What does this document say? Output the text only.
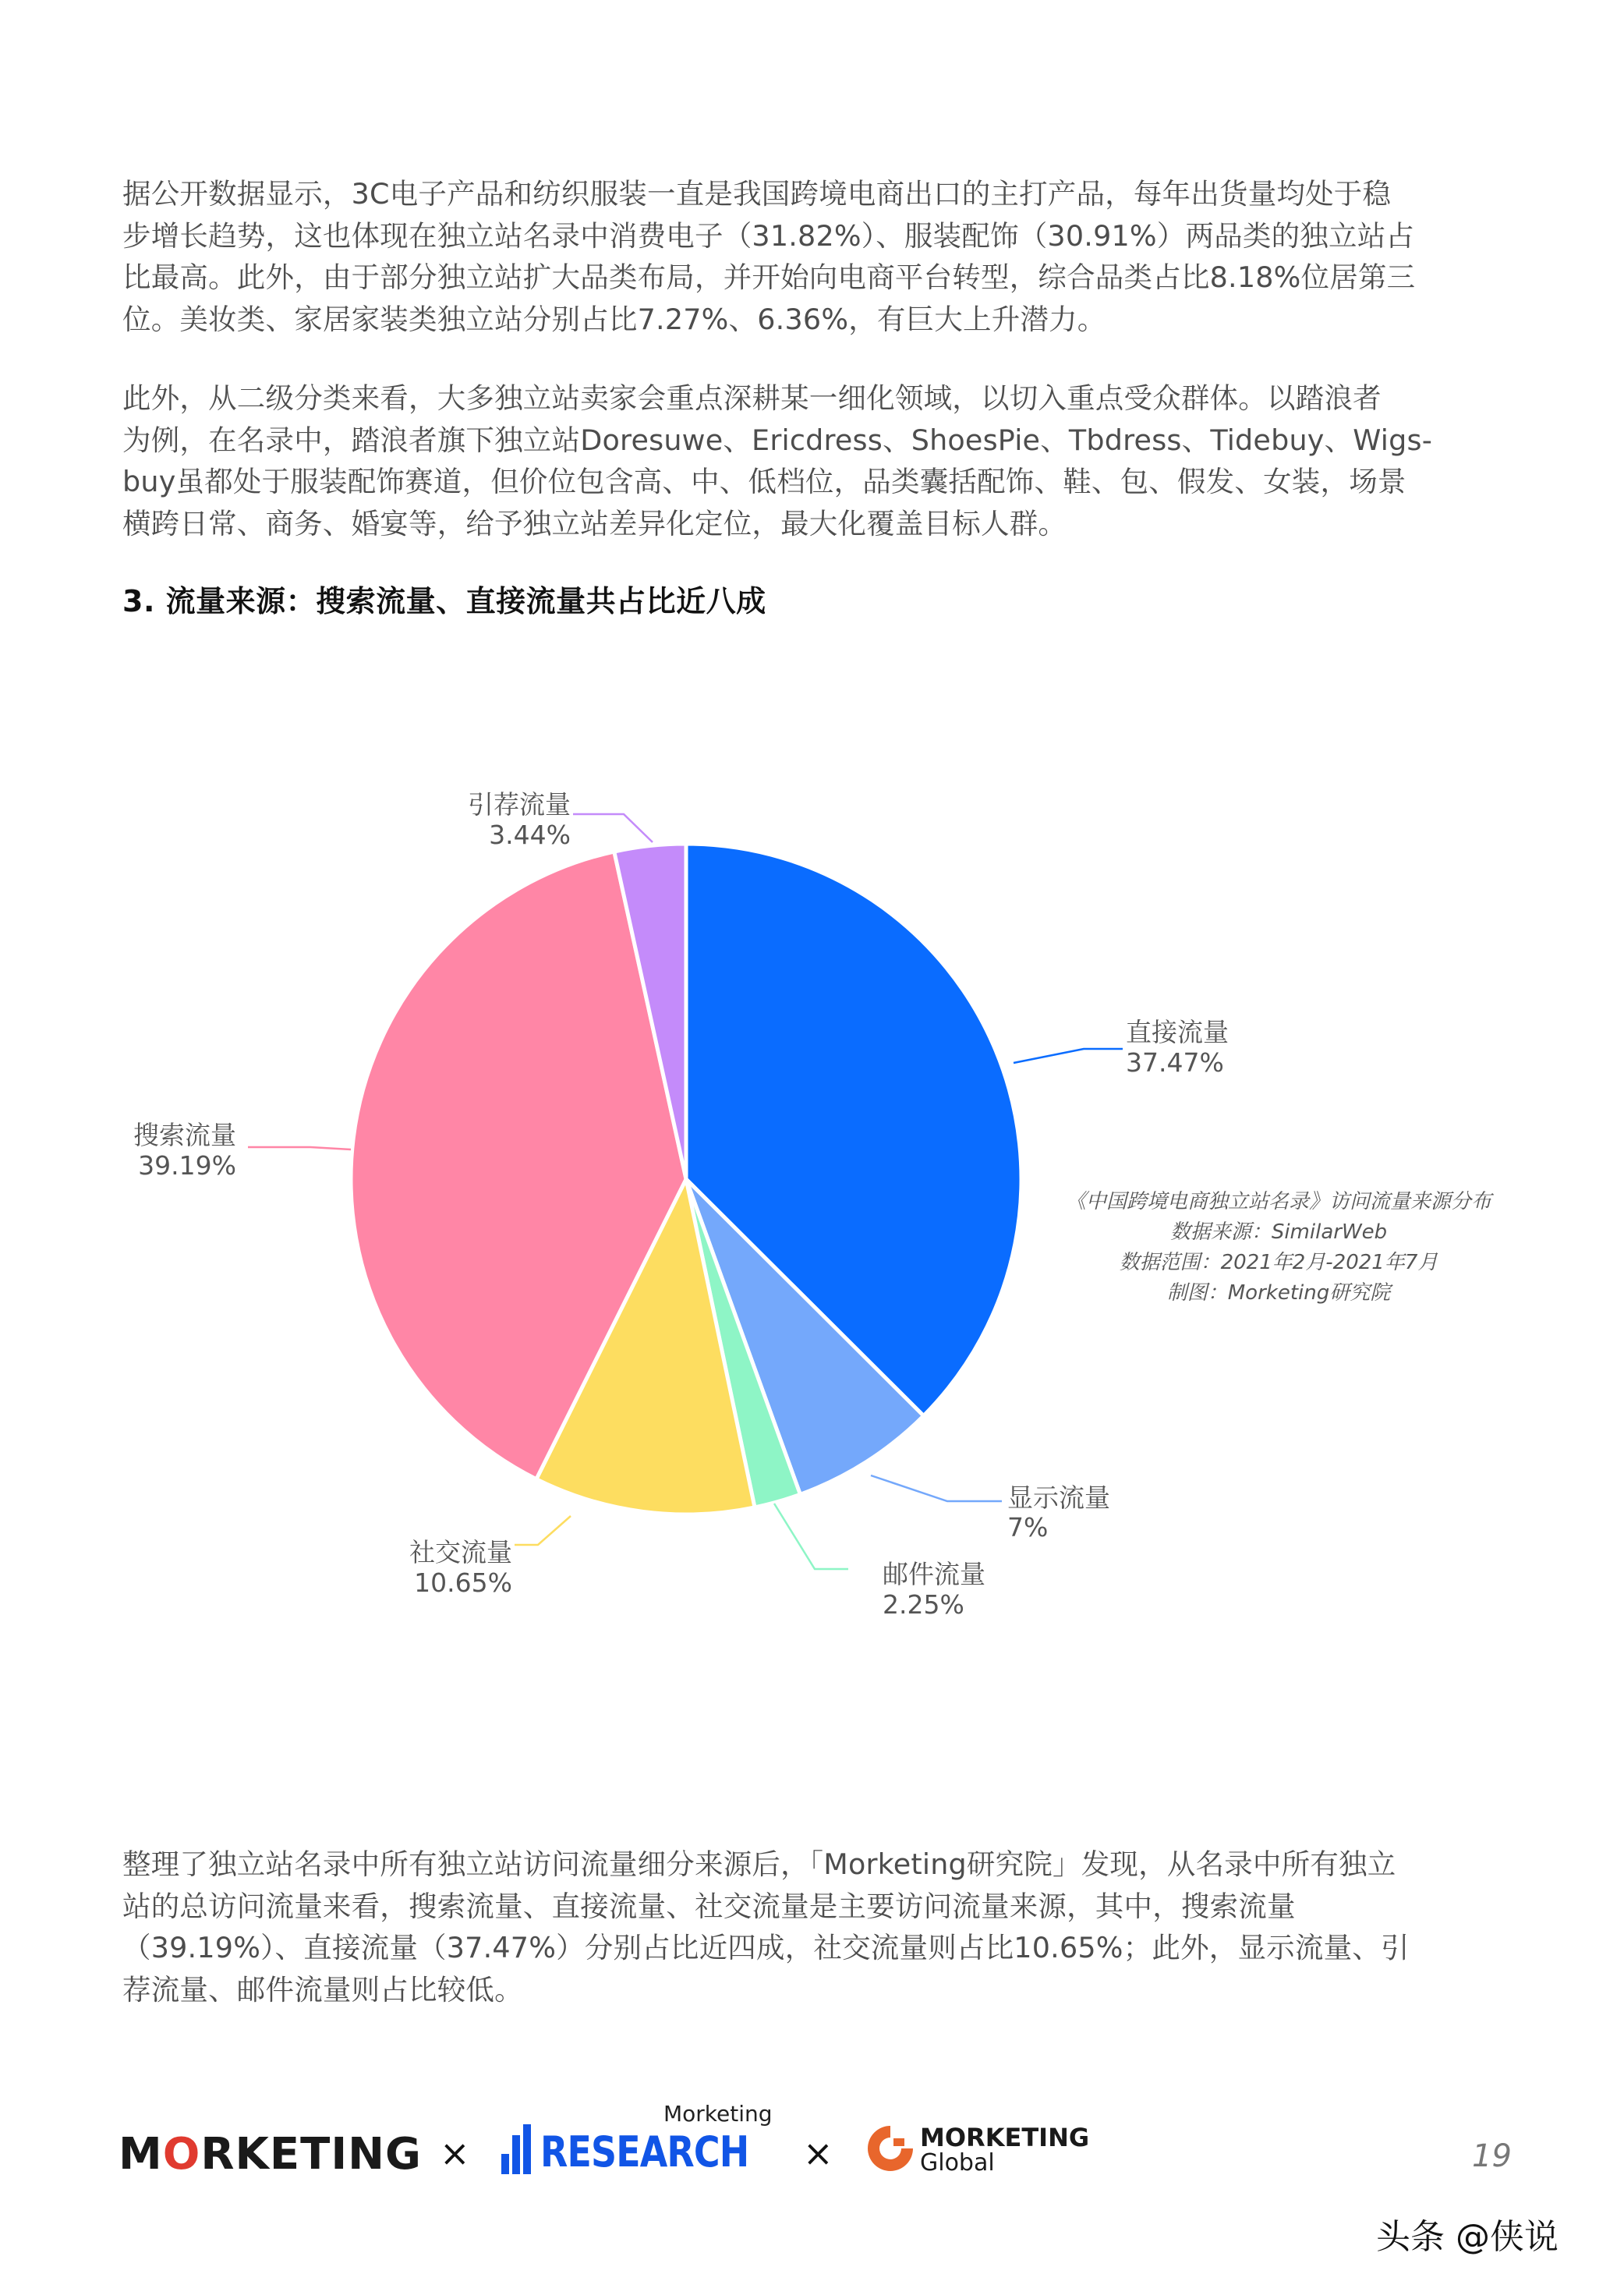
据公开数据显示，3C电子产品和纺织服装一直是我国跨境电商出口的主打产品，每年出货量均处于稳
步增长趋势，这也体现在独立站名录中消费电子（31.82%）、服装配饰（30.91%）两品类的独立站占
比最高。此外，由于部分独立站扩大品类布局，并开始向电商平台转型，综合品类占比8.18%位居第三
位。美妆类、家居家装类独立站分别占比7.27%、6.36%，有巨大上升潜力。
此外，从二级分类来看，大多独立站卖家会重点深耕某一细化领域，以切入重点受众群体。以踏浪者
为例，在名录中，踏浪者旗下独立站Doresuwe、Ericdress、ShoesPie、Tbdress、Tidebuy、Wigs-
buy虽都处于服装配饰赛道，但价位包含高、中、低档位，品类囊括配饰、鞋、包、假发、女装，场景
横跨日常、商务、婚宴等，给予独立站差异化定位，最大化覆盖目标人群。
3. 流量来源：搜索流量、直接流量共占比近八成
直接流量
37.47%
显示流量
7%
邮件流量
2.25%
社交流量
10.65%
搜索流量
39.19%
引荐流量
3.44%
《中国跨境电商独立站名录》访问流量来源分布
数据来源：SimilarWeb
数据范围：2021年2月-2021年7月
制图：Morketing研究院
整理了独立站名录中所有独立站访问流量细分来源后，「Morketing研究院」发现，从名录中所有独立
站的总访问流量来看，搜索流量、直接流量、社交流量是主要访问流量来源，其中，搜索流量
（39.19%）、直接流量（37.47%）分别占比近四成，社交流量则占比10.65%；此外，显示流量、引
荐流量、邮件流量则占比较低。
MORKETING ×
Morketing
RESEARCH ×	MORKETING
Global	19
头条 @侠说
